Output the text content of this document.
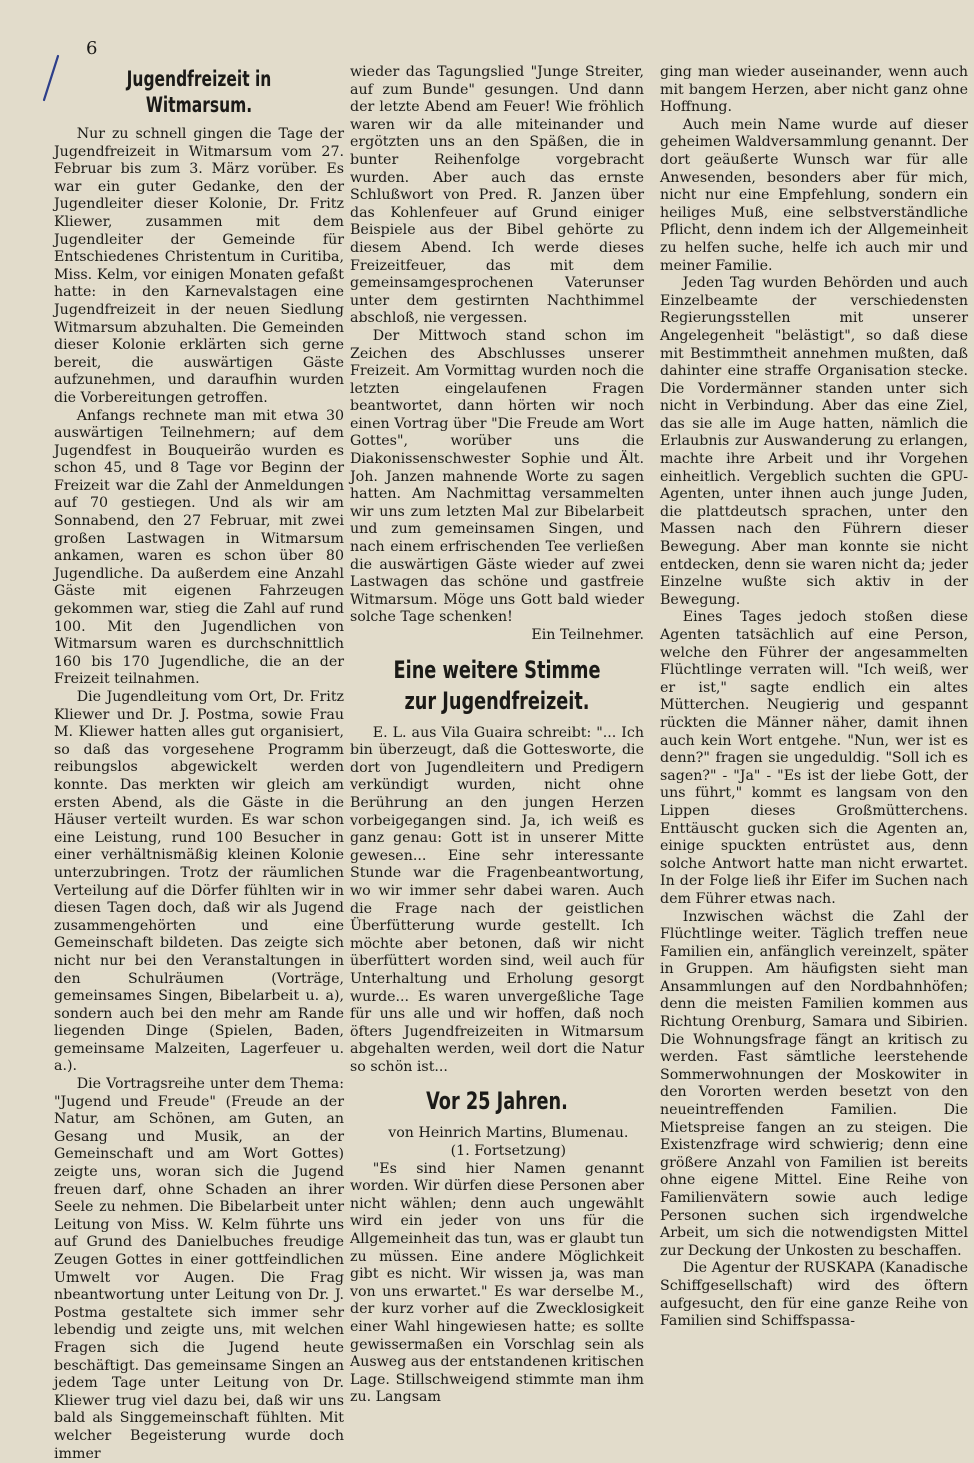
6
Jugendfreizeit in Witmarsum.

Nur zu schnell gingen die Tage der Jugendfreizeit in Witmarsum vom 27. Februar bis zum 3. März vorüber. Es war ein guter Gedanke, den der Jugendleiter dieser Kolonie, Dr. Fritz Kliewer, zusammen mit dem Jugendleiter der Gemeinde für Entschiedenes Christentum in Curitiba, Miss. Kelm, vor einigen Monaten gefaßt hatte: in den Karnevalstagen eine Jugendfreizeit in der neuen Siedlung Witmarsum abzuhalten. Die Gemeinden dieser Kolonie erklärten sich gerne bereit, die auswärtigen Gäste aufzunehmen, und daraufhin wurden die Vorbereitungen getroffen.

Anfangs rechnete man mit etwa 30 auswärtigen Teilnehmern; auf dem Jugendfest in Bouqueirão wurden es schon 45, und 8 Tage vor Beginn der Freizeit war die Zahl der Anmeldungen auf 70 gestiegen. Und als wir am Sonnabend, den 27 Februar, mit zwei großen Lastwagen in Witmarsum ankamen, waren es schon über 80 Jugendliche. Da außerdem eine Anzahl Gäste mit eigenen Fahrzeugen gekommen war, stieg die Zahl auf rund 100. Mit den Jugendlichen von Witmarsum waren es durchschnittlich 160 bis 170 Jugendliche, die an der Freizeit teilnahmen.

Die Jugendleitung vom Ort, Dr. Fritz Kliewer und Dr. J. Postma, sowie Frau M. Kliewer hatten alles gut organisiert, so daß das vorgesehene Programm reibungslos abgewickelt werden konnte. Das merkten wir gleich am ersten Abend, als die Gäste in die Häuser verteilt wurden. Es war schon eine Leistung, rund 100 Besucher in einer verhältnismäßig kleinen Kolonie unterzubringen. Trotz der räumlichen Verteilung auf die Dörfer fühlten wir in diesen Tagen doch, daß wir als Jugend zusammengehörten und eine Gemeinschaft bildeten. Das zeigte sich nicht nur bei den Veranstaltungen in den Schulräumen (Vorträge, gemeinsames Singen, Bibelarbeit u. a), sondern auch bei den mehr am Rande liegenden Dinge (Spielen, Baden, gemeinsame Malzeiten, Lagerfeuer u. a.).

Die Vortragsreihe unter dem Thema: "Jugend und Freude" (Freude an der Natur, am Schönen, am Guten, an Gesang und Musik, an der Gemeinschaft und am Wort Gottes) zeigte uns, woran sich die Jugend freuen darf, ohne Schaden an ihrer Seele zu nehmen. Die Bibelarbeit unter Leitung von Miss. W. Kelm führte uns auf Grund des Danielbuches freudige Zeugen Gottes in einer gottfeindlichen Umwelt vor Augen. Die Frag nbeantwortung unter Leitung von Dr. J. Postma gestaltete sich immer sehr lebendig und zeigte uns, mit welchen Fragen sich die Jugend heute beschäftigt. Das gemeinsame Singen an jedem Tage unter Leitung von Dr. Kliewer trug viel dazu bei, daß wir uns bald als Singgemeinschaft fühlten. Mit welcher Begeisterung wurde doch immer

wieder das Tagungslied "Junge Streiter, auf zum Bunde" gesungen. Und dann der letzte Abend am Feuer! Wie fröhlich waren wir da alle miteinander und ergötzten uns an den Späßen, die in bunter Reihenfolge vorgebracht wurden. Aber auch das ernste Schlußwort von Pred. R. Janzen über das Kohlenfeuer auf Grund einiger Beispiele aus der Bibel gehörte zu diesem Abend. Ich werde dieses Freizeitfeuer, das mit dem gemeinsamgesprochenen Vaterunser unter dem gestirnten Nachthimmel abschloß, nie vergessen.

Der Mittwoch stand schon im Zeichen des Abschlusses unserer Freizeit. Am Vormittag wurden noch die letzten eingelaufenen Fragen beantwortet, dann hörten wir noch einen Vortrag über "Die Freude am Wort Gottes", worüber uns die Diakonissenschwester Sophie und Ält. Joh. Janzen mahnende Worte zu sagen hatten. Am Nachmittag versammelten wir uns zum letzten Mal zur Bibelarbeit und zum gemeinsamen Singen, und nach einem erfrischenden Tee verließen die auswärtigen Gäste wieder auf zwei Lastwagen das schöne und gastfreie Witmarsum. Möge uns Gott bald wieder solche Tage schenken!

Ein Teilnehmer.

Eine weitere Stimme zur Jugendfreizeit.

E. L. aus Vila Guaira schreibt: "... Ich bin überzeugt, daß die Gottesworte, die dort von Jugendleitern und Predigern verkündigt wurden, nicht ohne Berührung an den jungen Herzen vorbeigegangen sind. Ja, ich weiß es ganz genau: Gott ist in unserer Mitte gewesen... Eine sehr interessante Stunde war die Fragenbeantwortung, wo wir immer sehr dabei waren. Auch die Frage nach der geistlichen Überfütterung wurde gestellt. Ich möchte aber betonen, daß wir nicht überfüttert worden sind, weil auch für Unterhaltung und Erholung gesorgt wurde... Es waren unvergeßliche Tage für uns alle und wir hoffen, daß noch öfters Jugendfreizeiten in Witmarsum abgehalten werden, weil dort die Natur so schön ist...

Vor 25 Jahren.

von Heinrich Martins, Blumenau.

(1. Fortsetzung)

"Es sind hier Namen genannt worden. Wir dürfen diese Personen aber nicht wählen; denn auch ungewählt wird ein jeder von uns für die Allgemeinheit das tun, was er glaubt tun zu müssen. Eine andere Möglichkeit gibt es nicht. Wir wissen ja, was man von uns erwartet." Es war derselbe M., der kurz vorher auf die Zwecklosigkeit einer Wahl hingewiesen hatte; es sollte gewissermaßen ein Vorschlag sein als Ausweg aus der entstandenen kritischen Lage. Stillschweigend stimmte man ihm zu. Langsam

ging man wieder auseinander, wenn auch mit bangem Herzen, aber nicht ganz ohne Hoffnung.

Auch mein Name wurde auf dieser geheimen Waldversammlung genannt. Der dort geäußerte Wunsch war für alle Anwesenden, besonders aber für mich, nicht nur eine Empfehlung, sondern ein heiliges Muß, eine selbstverständliche Pflicht, denn indem ich der Allgemeinheit zu helfen suche, helfe ich auch mir und meiner Familie.

Jeden Tag wurden Behörden und auch Einzelbeamte der verschiedensten Regierungsstellen mit unserer Angelegenheit "belästigt", so daß diese mit Bestimmtheit annehmen mußten, daß dahinter eine straffe Organisation stecke. Die Vordermänner standen unter sich nicht in Verbindung. Aber das eine Ziel, das sie alle im Auge hatten, nämlich die Erlaubnis zur Auswanderung zu erlangen, machte ihre Arbeit und ihr Vorgehen einheitlich. Vergeblich suchten die GPU-Agenten, unter ihnen auch junge Juden, die plattdeutsch sprachen, unter den Massen nach den Führern dieser Bewegung. Aber man konnte sie nicht entdecken, denn sie waren nicht da; jeder Einzelne wußte sich aktiv in der Bewegung.

Eines Tages jedoch stoßen diese Agenten tatsächlich auf eine Person, welche den Führer der angesammelten Flüchtlinge verraten will. "Ich weiß, wer er ist," sagte endlich ein altes Mütterchen. Neugierig und gespannt rückten die Männer näher, damit ihnen auch kein Wort entgehe. "Nun, wer ist es denn?" fragen sie ungeduldig. "Soll ich es sagen?" - "Ja" - "Es ist der liebe Gott, der uns führt," kommt es langsam von den Lippen dieses Großmütterchens. Enttäuscht gucken sich die Agenten an, einige spuckten entrüstet aus, denn solche Antwort hatte man nicht erwartet. In der Folge ließ ihr Eifer im Suchen nach dem Führer etwas nach.

Inzwischen wächst die Zahl der Flüchtlinge weiter. Täglich treffen neue Familien ein, anfänglich vereinzelt, später in Gruppen. Am häufigsten sieht man Ansammlungen auf den Nordbahnhöfen; denn die meisten Familien kommen aus Richtung Orenburg, Samara und Sibirien. Die Wohnungsfrage fängt an kritisch zu werden. Fast sämtliche leerstehende Sommerwohnungen der Moskowiter in den Vororten werden besetzt von den neueintreffenden Familien. Die Mietspreise fangen an zu steigen. Die Existenzfrage wird schwierig; denn eine größere Anzahl von Familien ist bereits ohne eigene Mittel. Eine Reihe von Familienvätern sowie auch ledige Personen suchen sich irgendwelche Arbeit, um sich die notwendigsten Mittel zur Deckung der Unkosten zu beschaffen.

Die Agentur der RUSKAPA (Kanadische Schiffgesellschaft) wird des öftern aufgesucht, den für eine ganze Reihe von Familien sind Schiffspassa-
